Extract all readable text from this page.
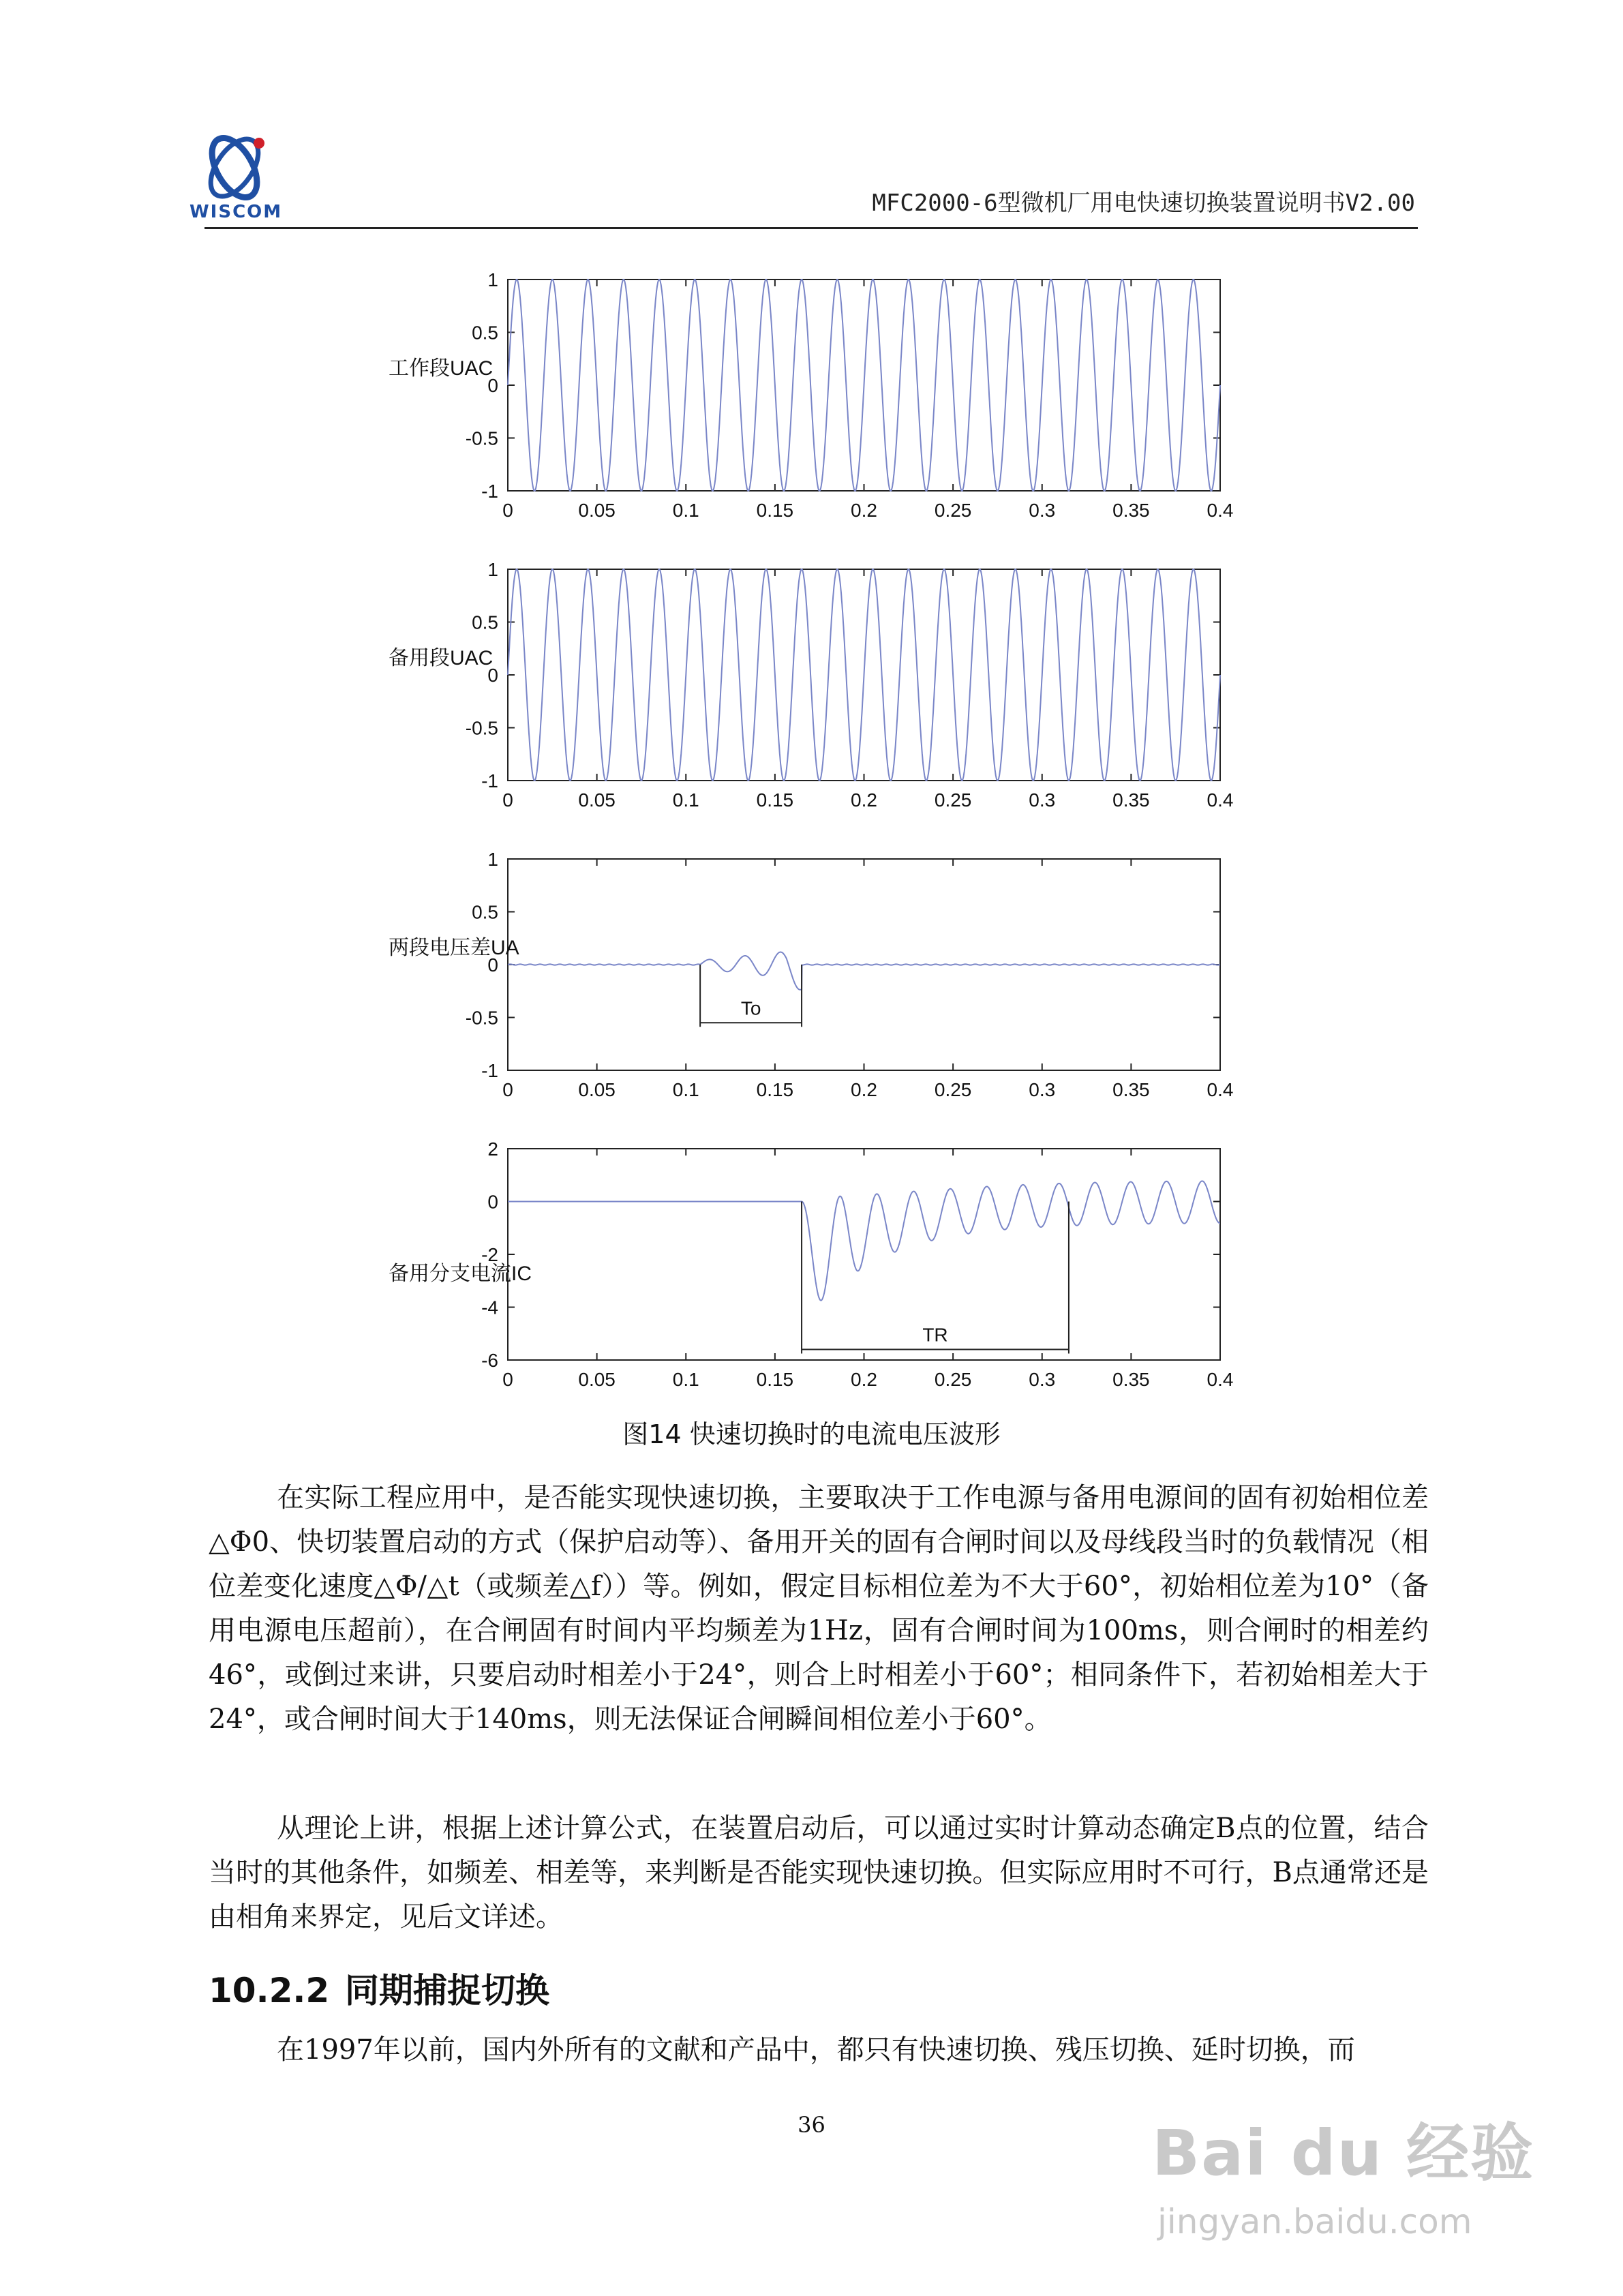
WISCOM	MFC2000-6型微机厂用电快速切换装置说明书V2.00
0	0.05	0.1	0.15	0.2	0.25	0.3	0.35	0.4
1
0.5
0
-0.5
-1
工作段UAC
0	0.05	0.1	0.15	0.2	0.25	0.3	0.35	0.4
1
0.5
0
-0.5
-1
备用段UAC
0	0.05	0.1	0.15	0.2	0.25	0.3	0.35	0.4
1
0.5
0
-0.5
-1
两段电压差UA
To
0	0.05	0.1	0.15	0.2	0.25	0.3	0.35	0.4
2
0
-2
-4
-6
备用分支电流IC
TR
图14 快速切换时的电流电压波形

在实际工程应用中，是否能实现快速切换，主要取决于工作电源与备用电源间的固有初始相位差△Φ0、快切装置启动的方式（保护启动等）、备用开关的固有合闸时间以及母线段当时的负载情况（相位差变化速度△Φ/△t（或频差△f））等。例如，假定目标相位差为不大于60°，初始相位差为10°（备用电源电压超前），在合闸固有时间内平均频差为1Hz，固有合闸时间为100ms，则合闸时的相差约46°，或倒过来讲，只要启动时相差小于24°，则合上时相差小于60°；相同条件下，若初始相差大于24°，或合闸时间大于140ms，则无法保证合闸瞬间相位差小于60°。

从理论上讲，根据上述计算公式，在装置启动后，可以通过实时计算动态确定B点的位置，结合当时的其他条件，如频差、相差等，来判断是否能实现快速切换。但实际应用时不可行，B点通常还是由相角来界定，见后文详述。

10.2.2 同期捕捉切换

在1997年以前，国内外所有的文献和产品中，都只有快速切换、残压切换、延时切换，而

36	Bai du 经验
jingyan.baidu.com
